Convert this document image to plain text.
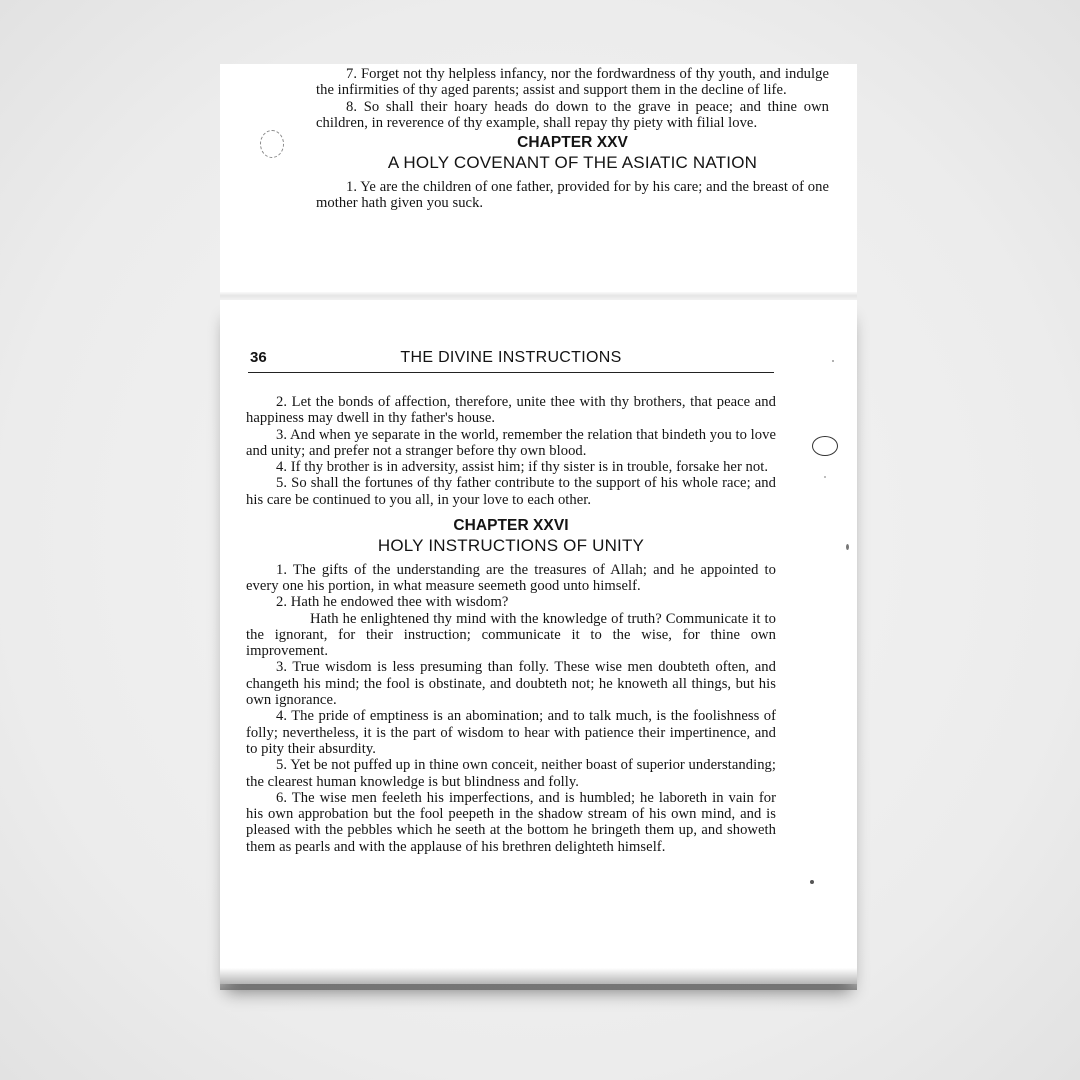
7. Forget not thy helpless infancy, nor the fordwardness of thy youth, and indulge the infirmities of thy aged parents; assist and support them in the decline of life.

8. So shall their hoary heads do down to the grave in peace; and thine own children, in reverence of thy example, shall repay thy piety with filial love.

CHAPTER XXV
A HOLY COVENANT OF THE ASIATIC NATION

1. Ye are the children of one father, provided for by his care; and the breast of one mother hath given you suck.

36	THE DIVINE INSTRUCTIONS

2. Let the bonds of affection, therefore, unite thee with thy brothers, that peace and happiness may dwell in thy father's house.

3. And when ye separate in the world, remember the relation that bindeth you to love and unity; and prefer not a stranger before thy own blood.

4. If thy brother is in adversity, assist him; if thy sister is in trouble, forsake her not.

5. So shall the fortunes of thy father contribute to the support of his whole race; and his care be continued to you all, in your love to each other.

CHAPTER XXVI
HOLY INSTRUCTIONS OF UNITY

1. The gifts of the understanding are the treasures of Allah; and he appointed to every one his portion, in what measure seemeth good unto himself.

2. Hath he endowed thee with wisdom?

Hath he enlightened thy mind with the knowledge of truth? Communicate it to the ignorant, for their instruction; communicate it to the wise, for thine own improvement.

3. True wisdom is less presuming than folly. These wise men doubteth often, and changeth his mind; the fool is obstinate, and doubteth not; he knoweth all things, but his own ignorance.

4. The pride of emptiness is an abomination; and to talk much, is the foolishness of folly; nevertheless, it is the part of wisdom to hear with patience their impertinence, and to pity their absurdity.

5. Yet be not puffed up in thine own conceit, neither boast of superior understanding; the clearest human knowledge is but blindness and folly.

6. The wise men feeleth his imperfections, and is humbled; he laboreth in vain for his own approbation but the fool peepeth in the shadow stream of his own mind, and is pleased with the pebbles which he seeth at the bottom he bringeth them up, and showeth them as pearls and with the applause of his brethren delighteth himself.
